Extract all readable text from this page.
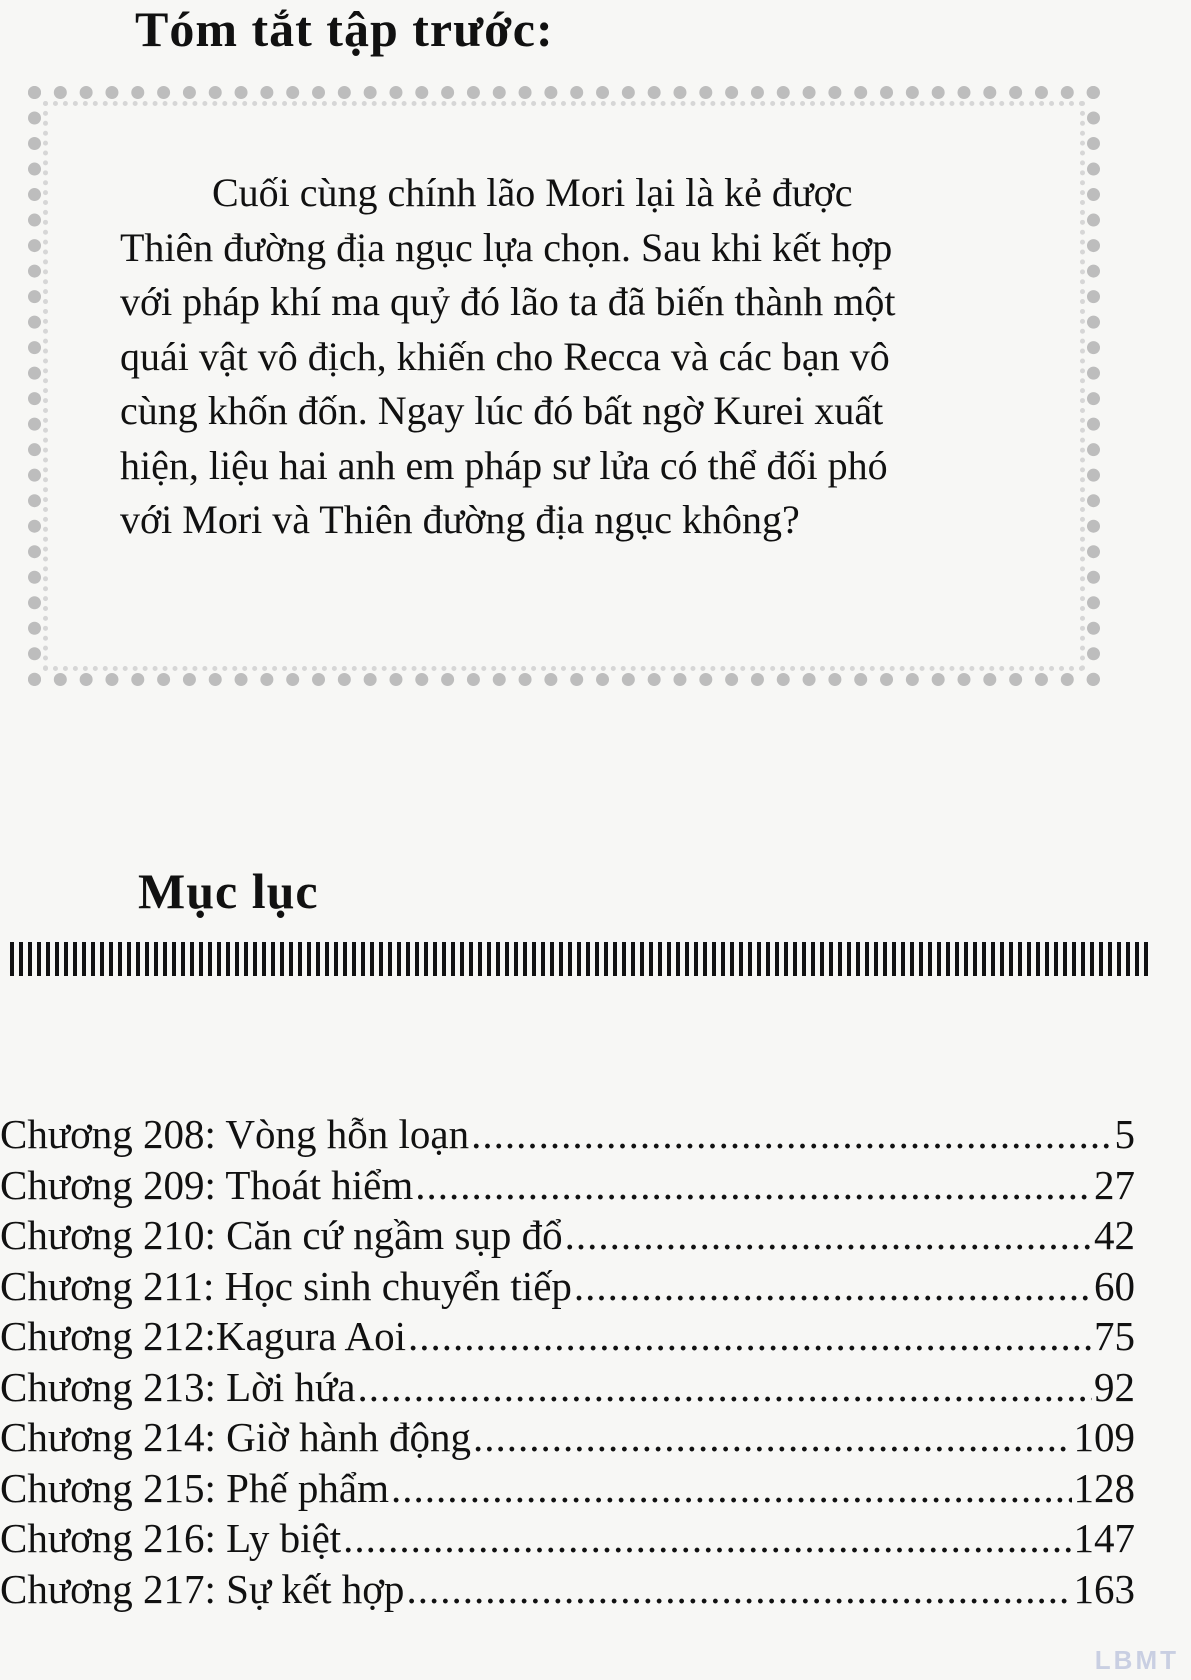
Tóm tắt tập trước:
Cuối cùng chính lão Mori lại là kẻ được
Thiên đường địa ngục lựa chọn. Sau khi kết hợp
với pháp khí ma quỷ đó lão ta đã biến thành một
quái vật vô địch, khiến cho Recca và các bạn vô
cùng khốn đốn. Ngay lúc đó bất ngờ Kurei xuất
hiện, liệu hai anh em pháp sư lửa có thể đối phó
với Mori và Thiên đường địa ngục không?
Mục lục
Chương 208: Vòng hỗn loạn .....	5
Chương 209: Thoát hiểm .....	27
Chương 210: Căn cứ ngầm sụp đổ .....	42
Chương 211: Học sinh chuyển tiếp .....	60
Chương 212:Kagura Aoi .....	75
Chương 213: Lời hứa .....	92
Chương 214: Giờ hành động .....	109
Chương 215: Phế phẩm .....	128
Chương 216: Ly biệt .....	147
Chương 217: Sự kết hợp .....	163
LBMT
